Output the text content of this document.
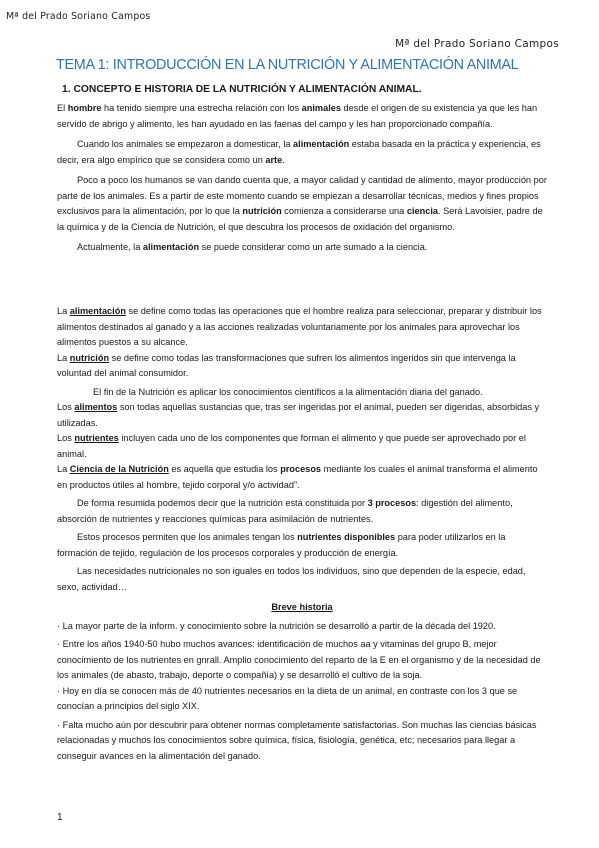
Mª del Prado Soriano Campos
Mª del Prado Soriano Campos
TEMA 1: INTRODUCCIÓN EN LA NUTRICIÓN Y ALIMENTACIÓN ANIMAL
1. CONCEPTO E HISTORIA DE LA NUTRICIÓN Y ALIMENTACIÓN ANIMAL.

El hombre ha tenido siempre una estrecha relación con los animales desde el origen de su existencia ya que les han servido de abrigo y alimento, les han ayudado en las faenas del campo y les han proporcionado compañía.

Cuando los animales se empezaron a domesticar, la alimentación estaba basada en la práctica y experiencia, es decir, era algo empírico que se considera como un arte.

Poco a poco los humanos se van dando cuenta que, a mayor calidad y cantidad de alimento, mayor producción por parte de los animales. Es a partir de este momento cuando se empiezan a desarrollar técnicas, medios y fines propios exclusivos para la alimentación, por lo que la nutrición comienza a considerarse una ciencia. Será Lavoisier, padre de la química y de la Ciencia de Nutrición, el que descubra los procesos de oxidación del organismo.

Actualmente, la alimentación se puede considerar como un arte sumado a la ciencia.

La alimentación se define como todas las operaciones que el hombre realiza para seleccionar, preparar y distribuir los alimentos destinados al ganado y a las acciones realizadas voluntariamente por los animales para aprovechar los alimentos puestos a su alcance.

La nutrición se define como todas las transformaciones que sufren los alimentos ingeridos sin que intervenga la voluntad del animal consumidor.

El fin de la Nutrición es aplicar los conocimientos científicos a la alimentación diaria del ganado.

Los alimentos son todas aquellas sustancias que, tras ser ingeridas por el animal, pueden ser digeridas, absorbidas y utilizadas.

Los nutrientes incluyen cada uno de los componentes que forman el alimento y que puede ser aprovechado por el animal.

La Ciencia de la Nutrición es aquella que estudia los procesos mediante los cuales el animal transforma el alimento en productos útiles al hombre, tejido corporal y/o actividad”.

De forma resumida podemos decir que la nutrición está constituida por 3 procesos: digestión del alimento, absorción de nutrientes y reacciones químicas para asimilación de nutrientes.

Estos procesos permiten que los animales tengan los nutrientes disponibles para poder utilizarlos en la formación de tejido, regulación de los procesos corporales y producción de energía.

Las necesidades nutricionales no son iguales en todos los individuos, sino que dependen de la especie, edad, sexo, actividad…

Breve historia

· La mayor parte de la inform. y conocimiento sobre la nutrición se desarrolló a partir de la década del 1920.

· Entre los años 1940-50 hubo muchos avances: identificación de muchos aa y vitaminas del grupo B, mejor conocimiento de los nutrientes en gnrall. Amplio conocimiento del reparto de la E en el organismo y de la necesidad de los animales (de abasto, trabajo, deporte o compañía) y se desarrolló el cultivo de la soja.

· Hoy en día se conocen más de 40 nutrientes necesarios en la dieta de un animal, en contraste con los 3 que se conocían a principios del siglo XIX.

· Falta mucho aún por descubrir para obtener normas completamente satisfactorias. Son muchas las ciencias básicas relacionadas y muchos los conocimientos sobre química, física, fisiología, genética, etc; necesarios para llegar a conseguir avances en la alimentación del ganado.

1
